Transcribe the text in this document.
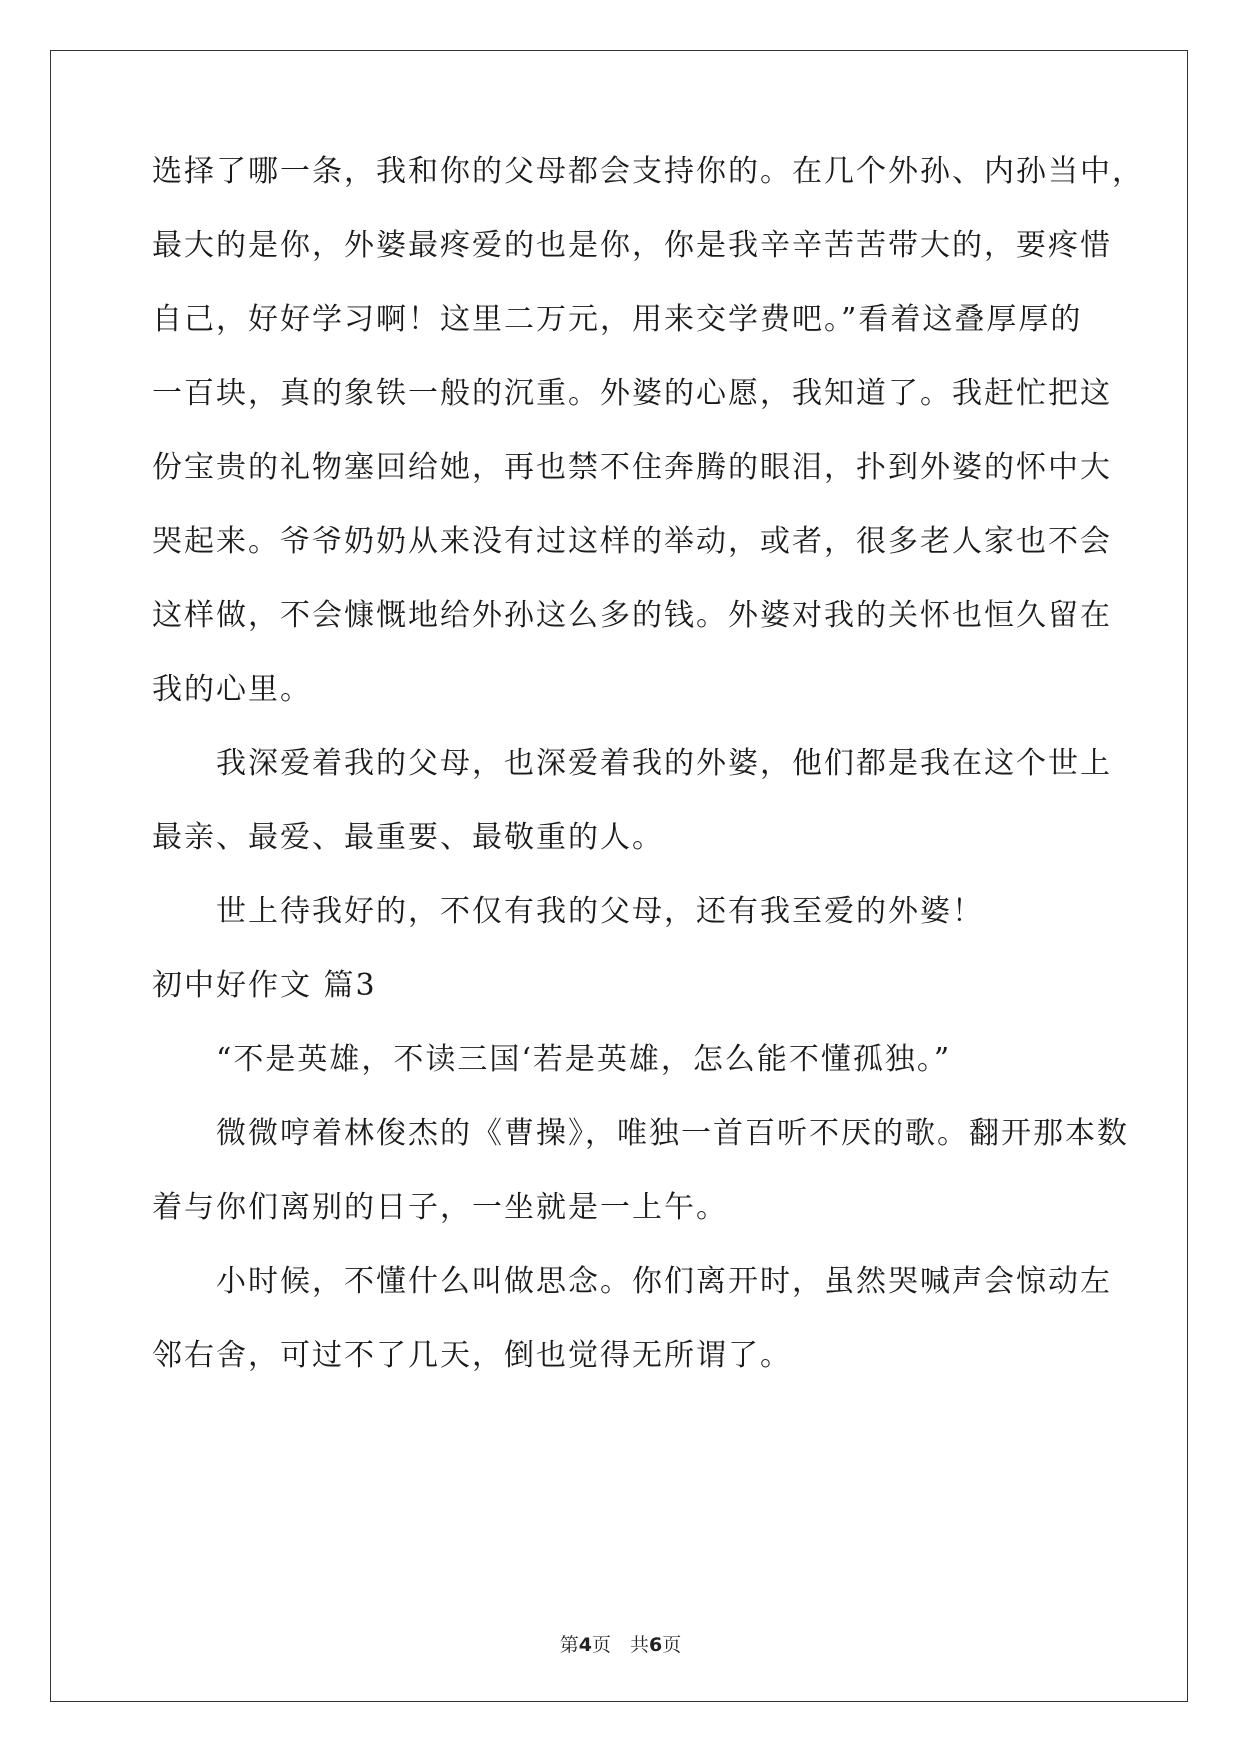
选择了哪一条，我和你的父母都会支持你的。在几个外孙、内孙当中，
最大的是你，外婆最疼爱的也是你，你是我辛辛苦苦带大的，要疼惜
自己，好好学习啊！这里二万元，用来交学费吧。”看着这叠厚厚的
一百块，真的象铁一般的沉重。外婆的心愿，我知道了。我赶忙把这
份宝贵的礼物塞回给她，再也禁不住奔腾的眼泪，扑到外婆的怀中大
哭起来。爷爷奶奶从来没有过这样的举动，或者，很多老人家也不会
这样做，不会慷慨地给外孙这么多的钱。外婆对我的关怀也恒久留在
我的心里。
　　我深爱着我的父母，也深爱着我的外婆，他们都是我在这个世上
最亲、最爱、最重要、最敬重的人。
　　世上待我好的，不仅有我的父母，还有我至爱的外婆！
初中好作文 篇3
　　“不是英雄，不读三国‘若是英雄，怎么能不懂孤独。”
　　微微哼着林俊杰的《曹操》，唯独一首百听不厌的歌。翻开那本数
着与你们离别的日子，一坐就是一上午。
　　小时候，不懂什么叫做思念。你们离开时，虽然哭喊声会惊动左
邻右舍，可过不了几天，倒也觉得无所谓了。
第4页　共6页
